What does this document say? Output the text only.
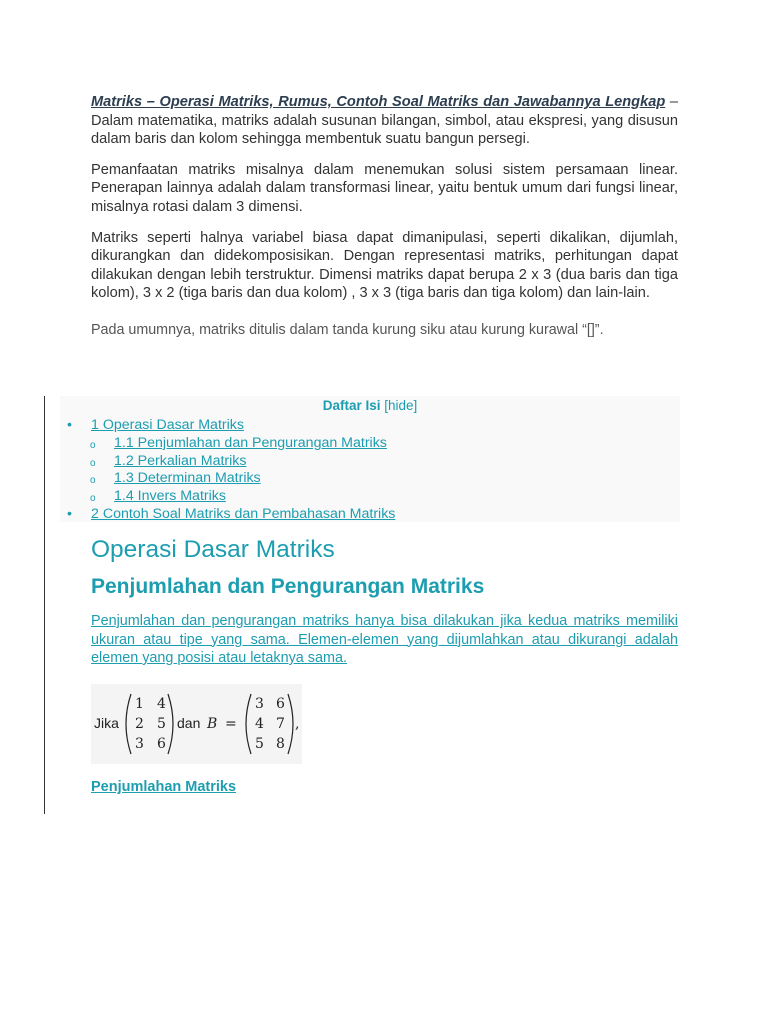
Matriks – Operasi Matriks, Rumus, Contoh Soal Matriks dan Jawabannya Lengkap – Dalam matematika, matriks adalah susunan bilangan, simbol, atau ekspresi, yang disusun dalam baris dan kolom sehingga membentuk suatu bangun persegi.

Pemanfaatan matriks misalnya dalam menemukan solusi sistem persamaan linear. Penerapan lainnya adalah dalam transformasi linear, yaitu bentuk umum dari fungsi linear, misalnya rotasi dalam 3 dimensi.

Matriks seperti halnya variabel biasa dapat dimanipulasi, seperti dikalikan, dijumlah, dikurangkan dan didekomposisikan. Dengan representasi matriks, perhitungan dapat dilakukan dengan lebih terstruktur. Dimensi matriks dapat berupa 2 x 3 (dua baris dan tiga kolom), 3 x 2 (tiga baris dan dua kolom) , 3 x 3 (tiga baris dan tiga kolom) dan lain-lain.

Pada umumnya, matriks ditulis dalam tanda kurung siku atau kurung kurawal “[]”.

Daftar Isi [hide]
• 1 Operasi Dasar Matriks
o 1.1 Penjumlahan dan Pengurangan Matriks
o 1.2 Perkalian Matriks
o 1.3 Determinan Matriks
o 1.4 Invers Matriks
• 2 Contoh Soal Matriks dan Pembahasan Matriks
Operasi Dasar Matriks
Penjumlahan dan Pengurangan Matriks

Penjumlahan dan pengurangan matriks hanya bisa dilakukan jika kedua matriks memiliki ukuran atau tipe yang sama. Elemen-elemen yang dijumlahkan atau dikurangi adalah elemen yang posisi atau letaknya sama.

Jika
1 4
2 5
3 6
dan B =
3 6
4 7
5 8
,
Penjumlahan Matriks
